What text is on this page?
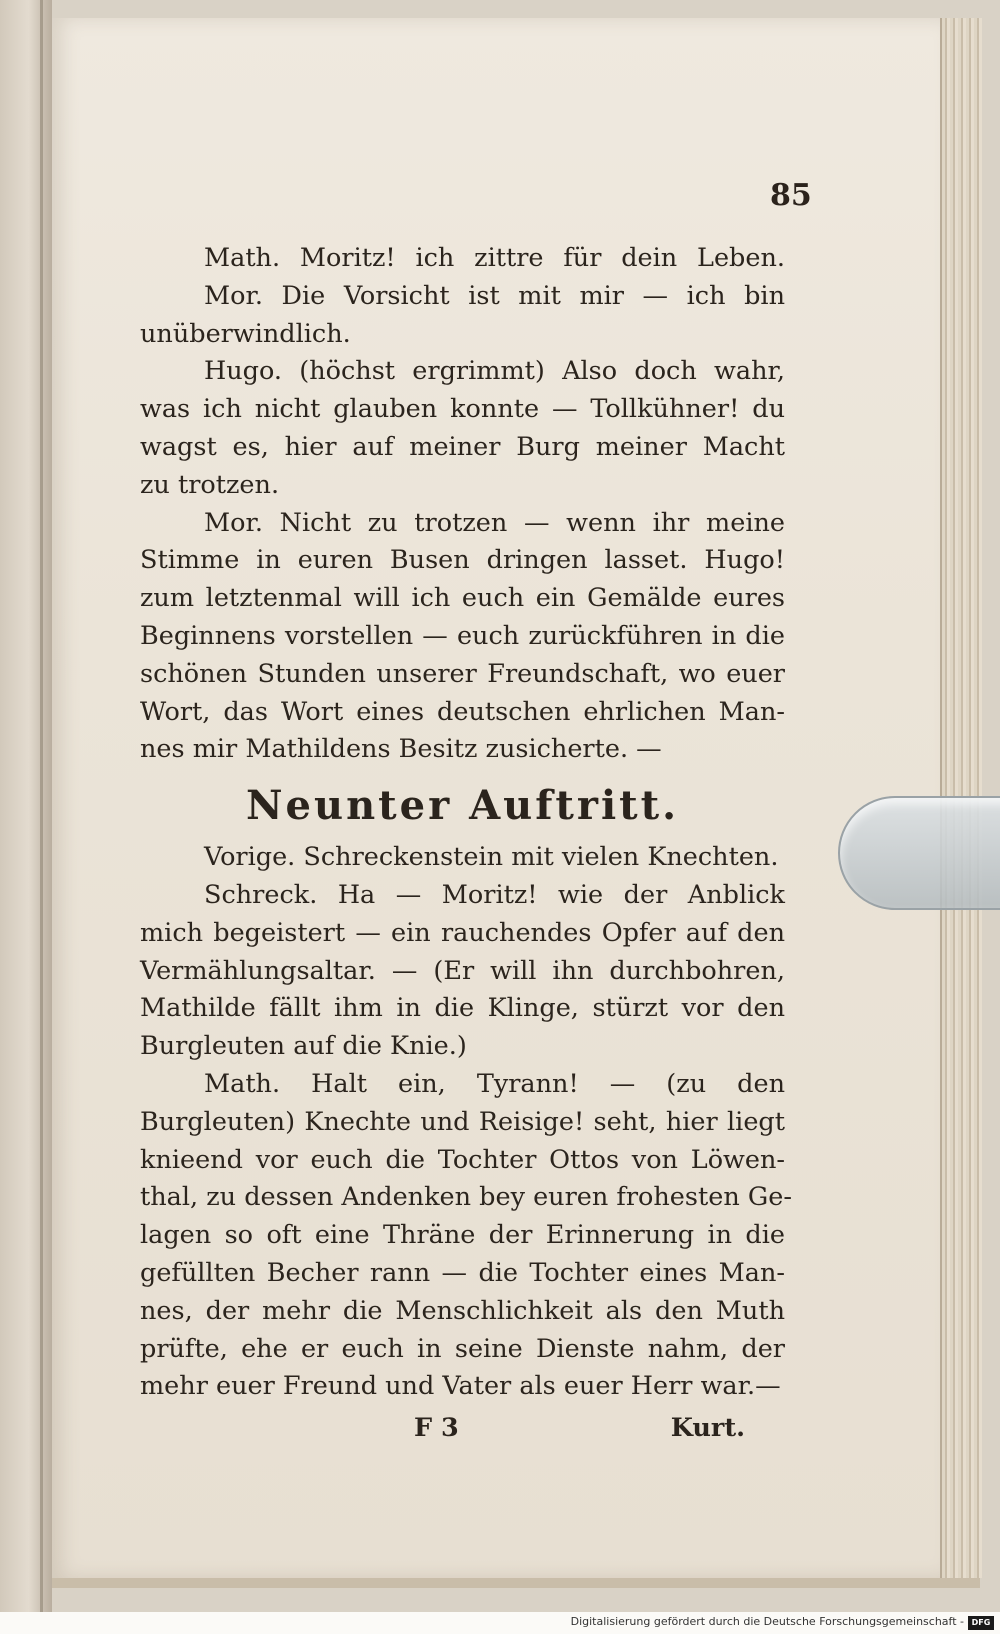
85

Math. Moritz! ich zittre für dein Leben.

Mor. Die Vorsicht ist mit mir — ich bin

unüberwindlich.

Hugo. (höchst ergrimmt) Also doch wahr,

was ich nicht glauben konnte — Tollkühner! du

wagst es, hier auf meiner Burg meiner Macht

zu trotzen.

Mor. Nicht zu trotzen — wenn ihr meine

Stimme in euren Busen dringen lasset. Hugo!

zum letztenmal will ich euch ein Gemälde eures

Beginnens vorstellen — euch zurückführen in die

schönen Stunden unserer Freundschaft, wo euer

Wort, das Wort eines deutschen ehrlichen Man-

nes mir Mathildens Besitz zusicherte. —

Neunter Auftritt.

Vorige. Schreckenstein mit vielen Knechten.

Schreck. Ha — Moritz! wie der Anblick

mich begeistert — ein rauchendes Opfer auf den

Vermählungsaltar. — (Er will ihn durchbohren,

Mathilde fällt ihm in die Klinge, stürzt vor den

Burgleuten auf die Knie.)

Math. Halt ein, Tyrann! — (zu den

Burgleuten) Knechte und Reisige! seht, hier liegt

knieend vor euch die Tochter Ottos von Löwen-

thal, zu dessen Andenken bey euren frohesten Ge-

lagen so oft eine Thräne der Erinnerung in die

gefüllten Becher rann — die Tochter eines Man-

nes, der mehr die Menschlichkeit als den Muth

prüfte, ehe er euch in seine Dienste nahm, der

mehr euer Freund und Vater als euer Herr war.—

F 3	Kurt.
Digitalisierung gefördert durch die Deutsche Forschungsgemeinschaft - DFG
